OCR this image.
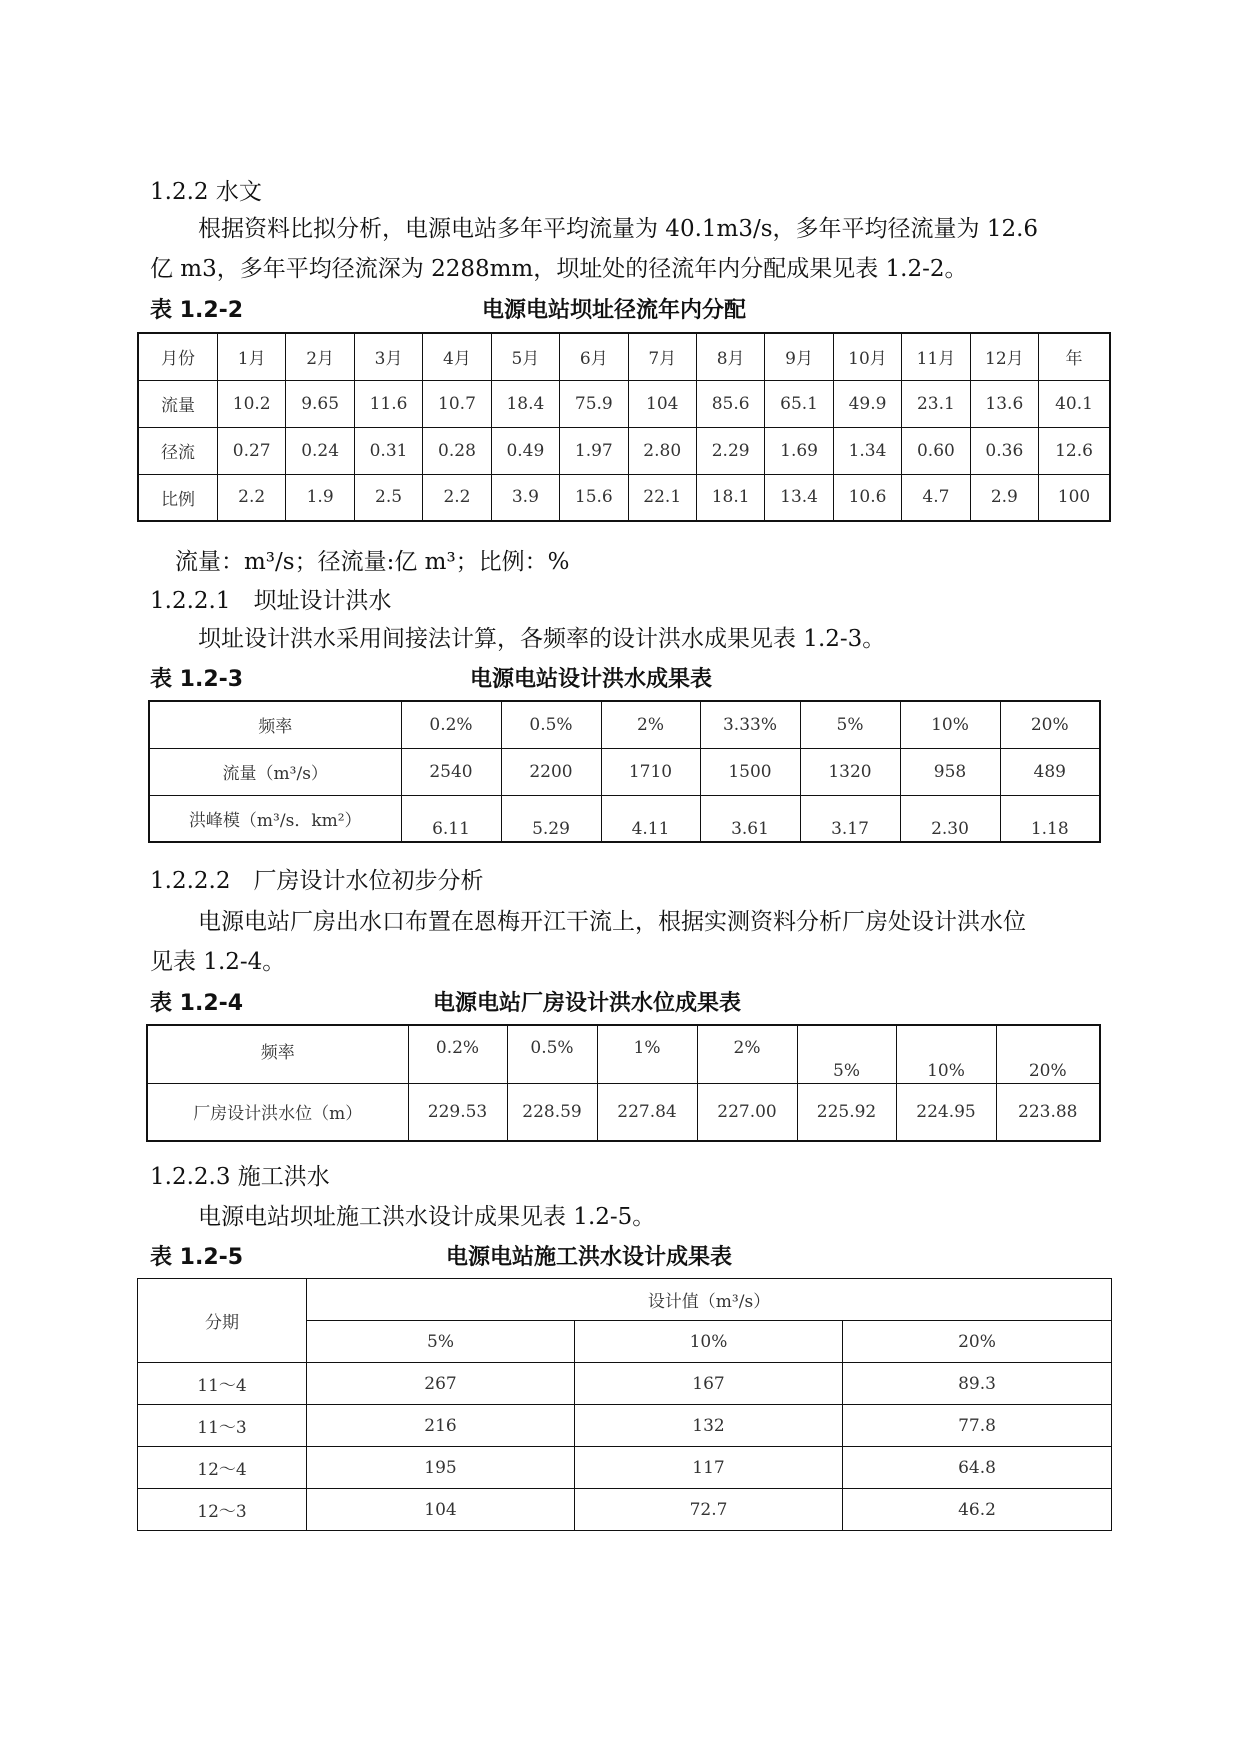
1.2.2 水文
根据资料比拟分析，电源电站多年平均流量为 40.1m3/s，多年平均径流量为 12.6
亿 m3，多年平均径流深为 2288mm，坝址处的径流年内分配成果见表 1.2-2。
表 1.2-2	电源电站坝址径流年内分配
月份	1月	2月	3月	4月	5月	6月	7月	8月	9月	10月	11月	12月	年
流量	10.2	9.65	11.6	10.7	18.4	75.9	104	85.6	65.1	49.9	23.1	13.6	40.1
径流	0.27	0.24	0.31	0.28	0.49	1.97	2.80	2.29	1.69	1.34	0.60	0.36	12.6
比例	2.2	1.9	2.5	2.2	3.9	15.6	22.1	18.1	13.4	10.6	4.7	2.9	100
流量：m³/s；径流量:亿 m³；比例：%
1.2.2.1　坝址设计洪水
坝址设计洪水采用间接法计算，各频率的设计洪水成果见表 1.2-3。
表 1.2-3	电源电站设计洪水成果表
频率	0.2%	0.5%	2%	3.33%	5%	10%	20%
流量（m³/s）	2540	2200	1710	1500	1320	958	489
洪峰模（m³/s．km²）	6.11	5.29	4.11	3.61	3.17	2.30	1.18
1.2.2.2　厂房设计水位初步分析
电源电站厂房出水口布置在恩梅开江干流上，根据实测资料分析厂房处设计洪水位
见表 1.2-4。
表 1.2-4	电源电站厂房设计洪水位成果表
频率	0.2%	0.5%	1%	2%	5%	10%	20%
厂房设计洪水位（m）	229.53	228.59	227.84	227.00	225.92	224.95	223.88
1.2.2.3 施工洪水
电源电站坝址施工洪水设计成果见表 1.2-5。
表 1.2-5	电源电站施工洪水设计成果表
分期	设计值（m³/s）		
	5%	10%	20%
11～4	267	167	89.3
11～3	216	132	77.8
12～4	195	117	64.8
12～3	104	72.7	46.2
